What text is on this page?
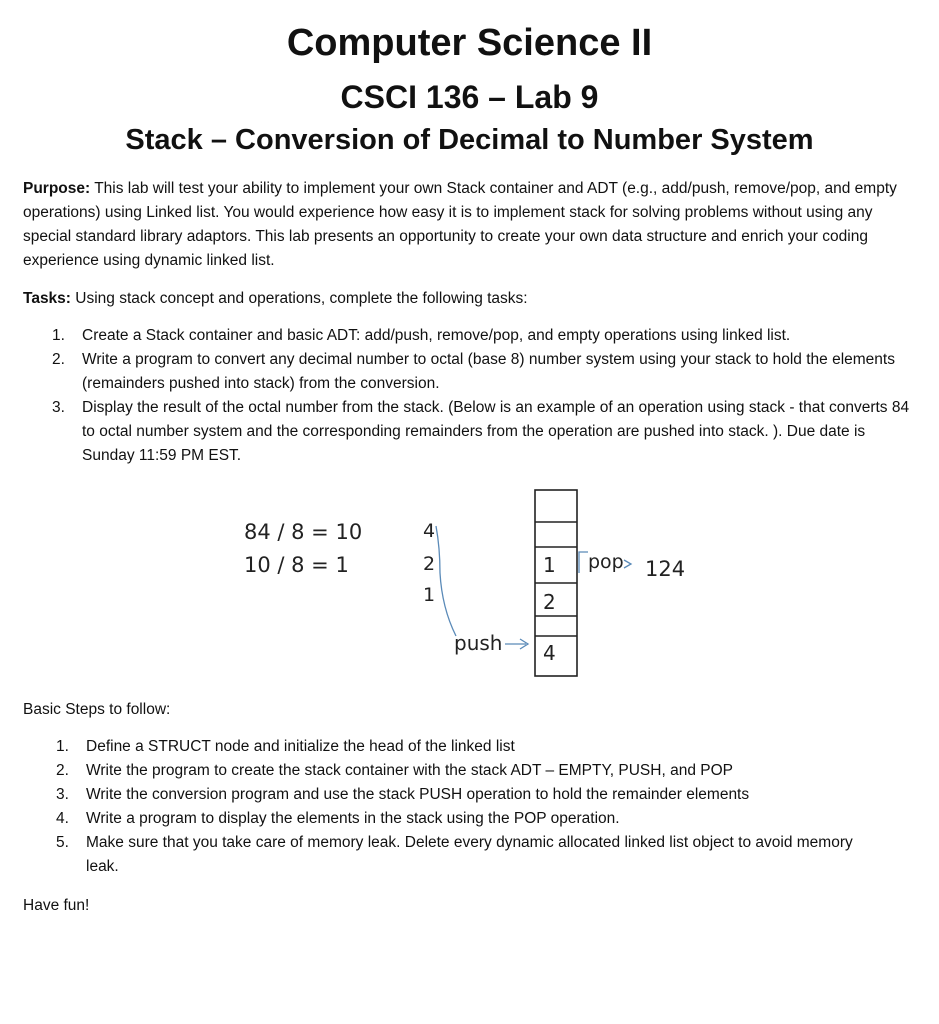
Computer Science II
CSCI 136 – Lab 9
Stack – Conversion of Decimal to Number System

Purpose: This lab will test your ability to implement your own Stack container and ADT (e.g., add/push, remove/pop, and empty operations) using Linked list. You would experience how easy it is to implement stack for solving problems without using any special standard library adaptors. This lab presents an opportunity to create your own data structure and enrich your coding experience using dynamic linked list.

Tasks: Using stack concept and operations, complete the following tasks:

1. Create a Stack container and basic ADT: add/push, remove/pop, and empty operations using linked list.
2. Write a program to convert any decimal number to octal (base 8) number system using your stack to hold the elements (remainders pushed into stack) from the conversion.
3. Display the result of the octal number from the stack. (Below is an example of an operation using stack - that converts 84 to octal number system and the corresponding remainders from the operation are pushed into stack. ). Due date is Sunday 11:59 PM EST.
84 / 8 = 10
10 / 8 = 1
4
2
1
push
1
2
4
pop 124

Basic Steps to follow:

1. Define a STRUCT node and initialize the head of the linked list
2. Write the program to create the stack container with the stack ADT – EMPTY, PUSH, and POP
3. Write the conversion program and use the stack PUSH operation to hold the remainder elements
4. Write a program to display the elements in the stack using the POP operation.
5. Make sure that you take care of memory leak. Delete every dynamic allocated linked list object to avoid memory leak.

Have fun!
